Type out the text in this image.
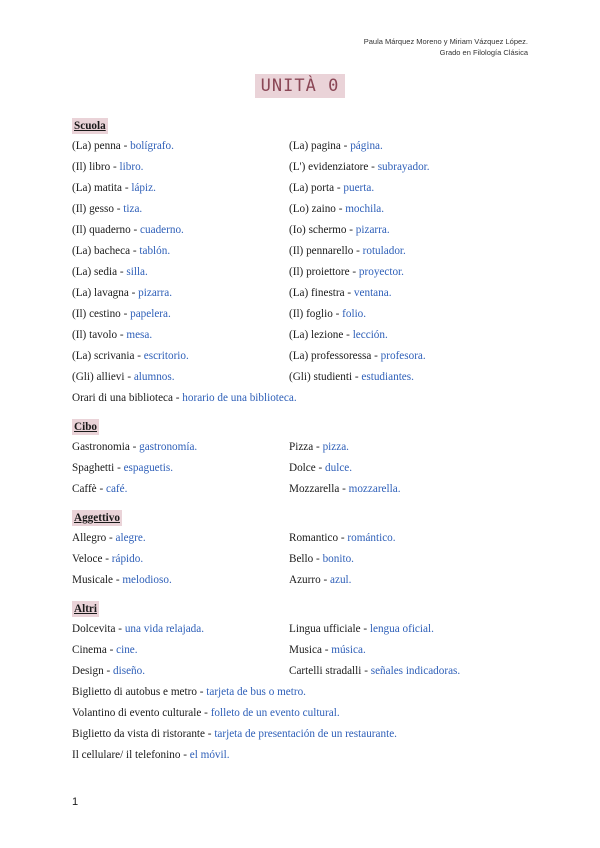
Paula Márquez Moreno y Miriam Vázquez López.
Grado en Filología Clásica
UNITÀ 0
Scuola
(La) penna - bolígrafo.	(La) pagina - página.
(Il) libro - libro.	(L') evidenziatore - subrayador.
(La) matita - lápiz.	(La) porta - puerta.
(Il) gesso - tiza.	(Lo) zaino - mochila.
(Il) quaderno - cuaderno.	(Io) schermo - pizarra.
(La) bacheca - tablón.	(Il) pennarello - rotulador.
(La) sedia - silla.	(Il) proiettore - proyector.
(La) lavagna - pizarra.	(La) finestra - ventana.
(Il) cestino - papelera.	(Il) foglio - folio.
(Il) tavolo - mesa.	(La) lezione - lección.
(La) scrivania - escritorio.	(La) professoressa - profesora.
(Gli) allievi - alumnos.	(Gli) studienti - estudiantes.
Orari di una biblioteca - horario de una biblioteca.
Cibo
Gastronomia - gastronomía.	Pizza - pizza.
Spaghetti - espaguetis.	Dolce - dulce.
Caffè - café.	Mozzarella - mozzarella.
Aggettivo
Allegro - alegre.	Romantico - romántico.
Veloce - rápido.	Bello - bonito.
Musicale - melodioso.	Azurro - azul.
Altri
Dolcevita - una vida relajada.	Lingua ufficiale - lengua oficial.
Cinema - cine.	Musica - música.
Design - diseño.	Cartelli stradalli - señales indicadoras.
Biglietto di autobus e metro - tarjeta de bus o metro.
Volantino di evento culturale - folleto de un evento cultural.
Biglietto da vista di ristorante - tarjeta de presentación de un restaurante.
Il cellulare/ il telefonino - el móvil.
1
